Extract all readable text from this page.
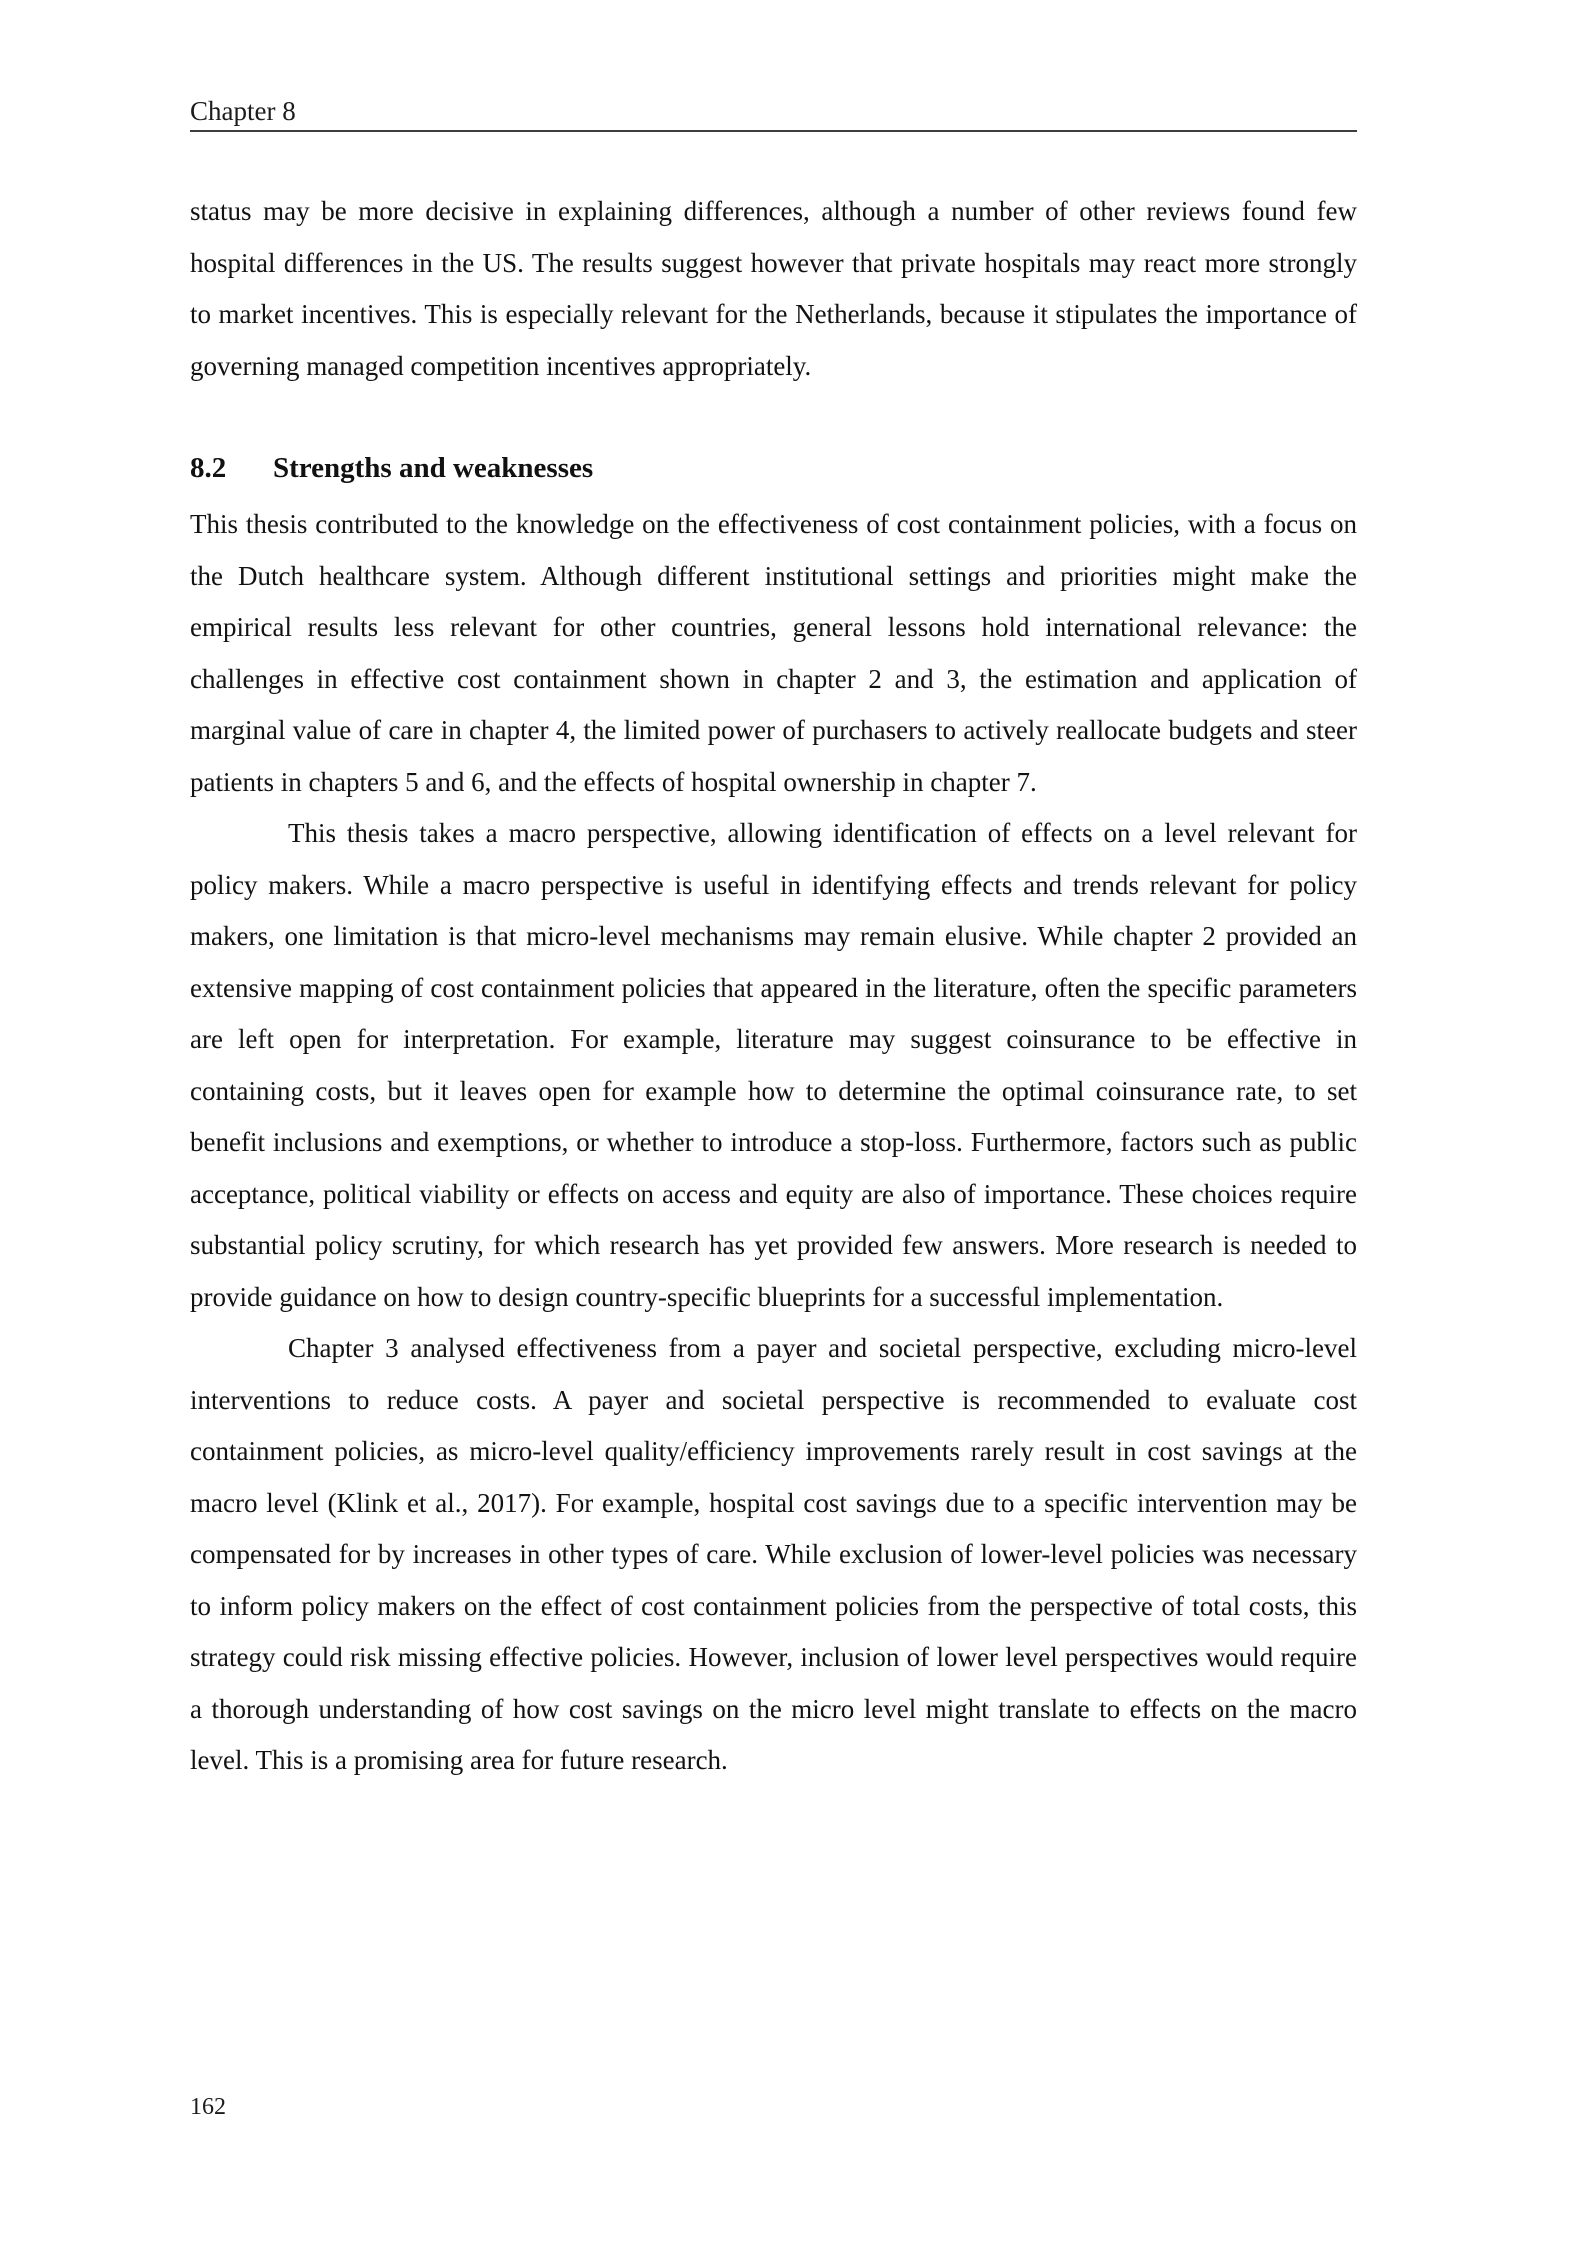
Chapter 8

status may be more decisive in explaining differences, although a number of other reviews found few hospital differences in the US. The results suggest however that private hospitals may react more strongly to market incentives. This is especially relevant for the Netherlands, because it stipulates the importance of governing managed competition incentives appropriately.

8.2	Strengths and weaknesses

This thesis contributed to the knowledge on the effectiveness of cost containment policies, with a focus on the Dutch healthcare system. Although different institutional settings and priorities might make the empirical results less relevant for other countries, general lessons hold international relevance: the challenges in effective cost containment shown in chapter 2 and 3, the estimation and application of marginal value of care in chapter 4, the limited power of purchasers to actively reallocate budgets and steer patients in chapters 5 and 6, and the effects of hospital ownership in chapter 7.

This thesis takes a macro perspective, allowing identification of effects on a level relevant for policy makers. While a macro perspective is useful in identifying effects and trends relevant for policy makers, one limitation is that micro-level mechanisms may remain elusive. While chapter 2 provided an extensive mapping of cost containment policies that appeared in the literature, often the specific parameters are left open for interpretation. For example, literature may suggest coinsurance to be effective in containing costs, but it leaves open for example how to determine the optimal coinsurance rate, to set benefit inclusions and exemptions, or whether to introduce a stop-loss. Furthermore, factors such as public acceptance, political viability or effects on access and equity are also of importance. These choices require substantial policy scrutiny, for which research has yet provided few answers. More research is needed to provide guidance on how to design country-specific blueprints for a successful implementation.

Chapter 3 analysed effectiveness from a payer and societal perspective, excluding micro-level interventions to reduce costs. A payer and societal perspective is recommended to evaluate cost containment policies, as micro-level quality/efficiency improvements rarely result in cost savings at the macro level (Klink et al., 2017). For example, hospital cost savings due to a specific intervention may be compensated for by increases in other types of care. While exclusion of lower-level policies was necessary to inform policy makers on the effect of cost containment policies from the perspective of total costs, this strategy could risk missing effective policies. However, inclusion of lower level perspectives would require a thorough understanding of how cost savings on the micro level might translate to effects on the macro level. This is a promising area for future research.

162
